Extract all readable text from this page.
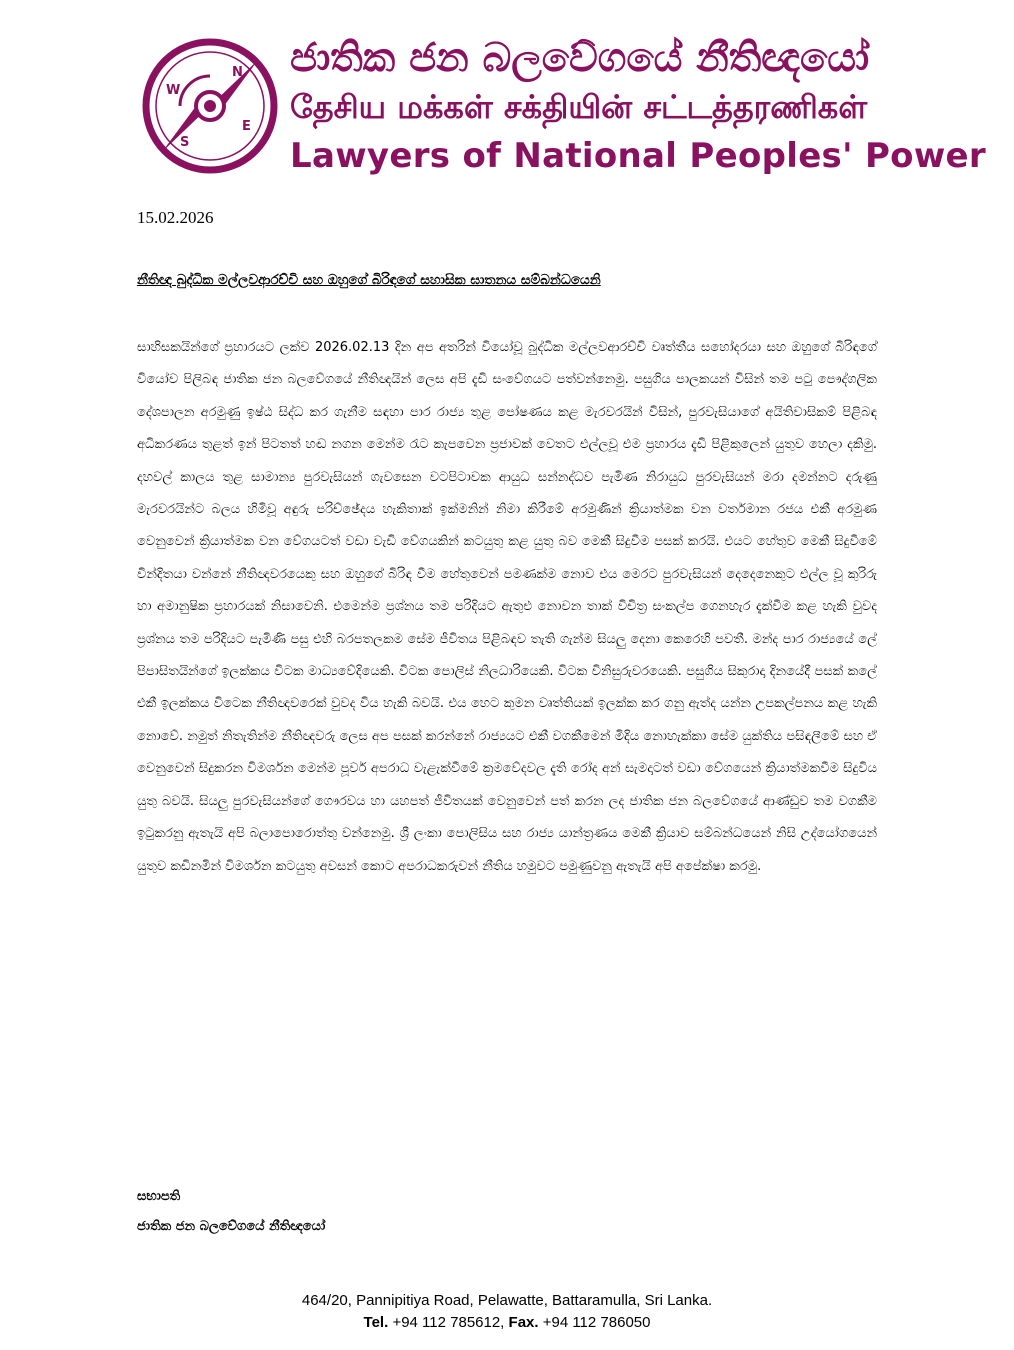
N
E
S
W
ජාතික ජන බලවේගයේ නීතිඥයෝ
தேசிய மக்கள் சக்தியின் சட்டத்தரணிகள்
Lawyers of National Peoples' Power
15.02.2026
නීතිඥ බුද්ධික මල්ලවආරච්චි සහ ඔහුගේ බිරිඳගේ සහාසික ඝාතනය සම්බන්ධයෙනි
සාහිසකයින්ගේ ප්‍රහාරයට ලක්ව 2026.02.13 දින අප අතරින් වියෝවූ බුද්ධික මල්ලවආරච්චි වෘත්තීය සහෝදරයා සහ ඔහුගේ බිරිඳගේ වියෝව පිලිබඳ ජාතික ජන බලවේගයේ නීතිඥයින් ලෙස අපි දැඩි සංවේගයට පත්වන්නෙමු. පසුගිය පාලකයන් විසින් තම පටු පෞද්ගලික දේශපාලන අරමුණු ඉෂ්ඨ සිද්ධ කර ගැනීම සඳහා පාර රාජ්‍ය තුළ පෝෂණය කළ මැරවරයින් විසින්, පුරවැසියාගේ අයිතිවාසිකම් පිළිබඳ අධිකරණය තුළත් ඉන් පිටතත් හඬ නගන මෙන්ම රැට කැපවෙන ප්‍රජාවක් වෙතට එල්ලවූ එම ප්‍රහාරය දැඩි පිළිකුලෙන් යුතුව හෙලා දකිමු. දහවල් කාලය තුළ සාමාන්‍ය පුරවැසියන් ගැවසෙන වටපිටාවක ආයුධ සන්නද්ධව පැමිණ නිරායුධ පුරවැසියන් මරා දමන්නට දරුණු මැරවරයින්ට බලය හිමිවූ අඳුරු පරිච්ඡේදය හැකිතාක් ඉක්මනින් නිමා කිරීමේ අරමුණින් ක්‍රියාත්මක වන වර්තමාන රජය එකී අරමුණ වෙනුවෙන් ක්‍රියාත්මක වන වේගයටත් වඩා වැඩි වේගයකින් කටයුතු කළ යුතු බව මෙකී සිදුවීම පසක් කරයි. එයට හේතුව මෙකී සිදුවීමේ වින්දිතයා වන්නේ නීතිඥවරයෙකු සහ ඔහුගේ බිරිඳ වීම හේතුවෙන් පමණක්ම නොව එය මෙරට පුරවැසියන් දෙදෙනෙකුට එල්ල වූ කුරිරු හා අමානුෂික ප්‍රහාරයක් නිසාවෙනි. එමෙන්ම ප්‍රශ්නය තම පරිදියට ඇතුළු නොවන තාක් විචිත්‍ර සංකල්ප ගෙනහැර දැක්වීම කළ හැකි වුවද ප්‍රශ්නය තම පරිදියට පැමිණි පසු එහි බරපතලකම සේම ජීවිතය පිළිබඳව තැති ගැන්ම සියලු දෙනා කෙරෙහි පවතී. මන්ද පාර රාජ්‍යයේ ලේ පිපාසිතයින්ගේ ඉලක්කය විටක මාධ්‍යවේදියෙකි. විටක පොලිස් නිලධාරියෙකි. විටක විනිසුරුවරයෙකි. පසුගිය සිකුරාදා දිනයේදී පසක් කලේ එකී ඉලක්කය විටෙක නීතිඥවරෙක් වුවද විය හැකි බවයි. එය හෙට කුමන වෘත්තියක් ඉලක්ක කර ගනු ඇත්ද යන්න උපකල්පනය කළ හැකි නොවේ. නමුත් නිතැතින්ම නීතිඥවරු ලෙස අප පසක් කරන්නේ රාජ්‍යයට එකී වගකීමෙන් මිදිය නොහැක්කා සේම යුක්තිය පසිඳලීමේ සහ ඒ වෙනුවෙන් සිදුකරන විමර්ශන මෙන්ම පූර්ව අපරාධ වැළැක්වීමේ ක්‍රමවේදවල දැති රෝද අන් සැමදාටත් වඩා වේගයෙන් ක්‍රියාත්මකවීම සිදුවිය යුතු බවයි. සියලු පුරවැසියන්ගේ ගෞරවය හා යහපත් ජීවිතයක් වෙනුවෙන් පත් කරන ලද ජාතික ජන බලවේගයේ ආණ්ඩුව තම වගකීම ඉටුකරනු ඇතැයි අපි බලාපොරොත්තු වන්නෙමු. ශ්‍රී ලංකා පොලිසිය සහ රාජ්‍ය යාන්ත්‍රණය මෙකී ක්‍රියාව සම්බන්ධයෙන් නිසි උද්යෝගයෙන් යුතුව කඩිනමින් විමර්ශන කටයුතු අවසන් කොට අපරාධකරුවන් නීතිය හමුවට පමුණුවනු ඇතැයි අපි අපේක්ෂා කරමු.
සභාපති
ජාතික ජන බලවේගයේ නීතිඥයෝ
464/20, Pannipitiya Road, Pelawatte, Battaramulla, Sri Lanka.
Tel. +94 112 785612, Fax. +94 112 786050
